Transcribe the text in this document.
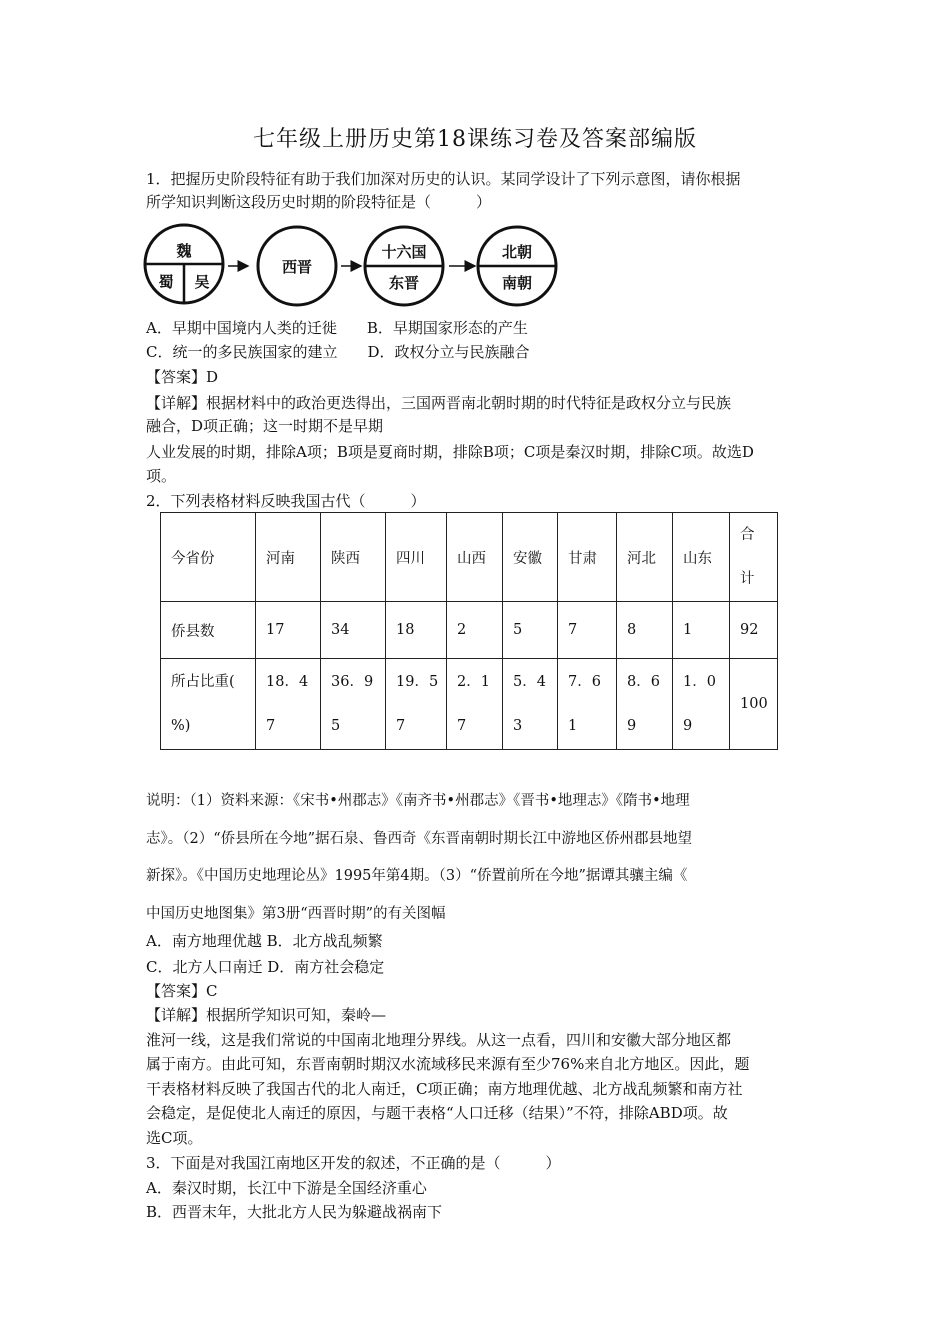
七年级上册历史第18课练习卷及答案部编版
1．把握历史阶段特征有助于我们加深对历史的认识。某同学设计了下列示意图，请你根据
所学知识判断这段历史时期的阶段特征是（　　　）
魏
蜀 吴
西晋
十六国
东晋
北朝
南朝
A．早期中国境内人类的迁徙　　B．早期国家形态的产生
C．统一的多民族国家的建立　　D．政权分立与民族融合
【答案】D
【详解】根据材料中的政治更迭得出，三国两晋南北朝时期的时代特征是政权分立与民族
融合，D项正确；这一时期不是早期
人业发展的时期，排除A项；B项是夏商时期，排除B项；C项是秦汉时期，排除C项。故选D
项。
2．下列表格材料反映我国古代（　　　）
今省份	河南	陕西	四川	山西	安徽	甘肃	河北	山东	合
计
侨县数	17	34	18	2	5	7	8	1	92
所占比重(
%)	18．4
7	36．9
5	19．5
7	2．1
7	5．4
3	7．6
1	8．6
9	1．0
9	100
说明：（1）资料来源：《宋书•州郡志》《南齐书•州郡志》《晋书•地理志》《隋书•地理
志》。（2）“侨县所在今地”据石泉、鲁西奇《东晋南朝时期长江中游地区侨州郡县地望
新探》。《中国历史地理论丛》1995年第4期。（3）“侨置前所在今地”据谭其骧主编《
中国历史地图集》第3册“西晋时期”的有关图幅
A．南方地理优越 B．北方战乱频繁
C．北方人口南迁 D．南方社会稳定
【答案】C
【详解】根据所学知识可知，秦岭—
淮河一线，这是我们常说的中国南北地理分界线。从这一点看，四川和安徽大部分地区都
属于南方。由此可知，东晋南朝时期汉水流域移民来源有至少76%来自北方地区。因此，题
干表格材料反映了我国古代的北人南迁，C项正确；南方地理优越、北方战乱频繁和南方社
会稳定，是促使北人南迁的原因，与题干表格“人口迁移（结果）”不符，排除ABD项。故
选C项。
3．下面是对我国江南地区开发的叙述，不正确的是（　　　）
A．秦汉时期，长江中下游是全国经济重心
B．西晋末年，大批北方人民为躲避战祸南下
